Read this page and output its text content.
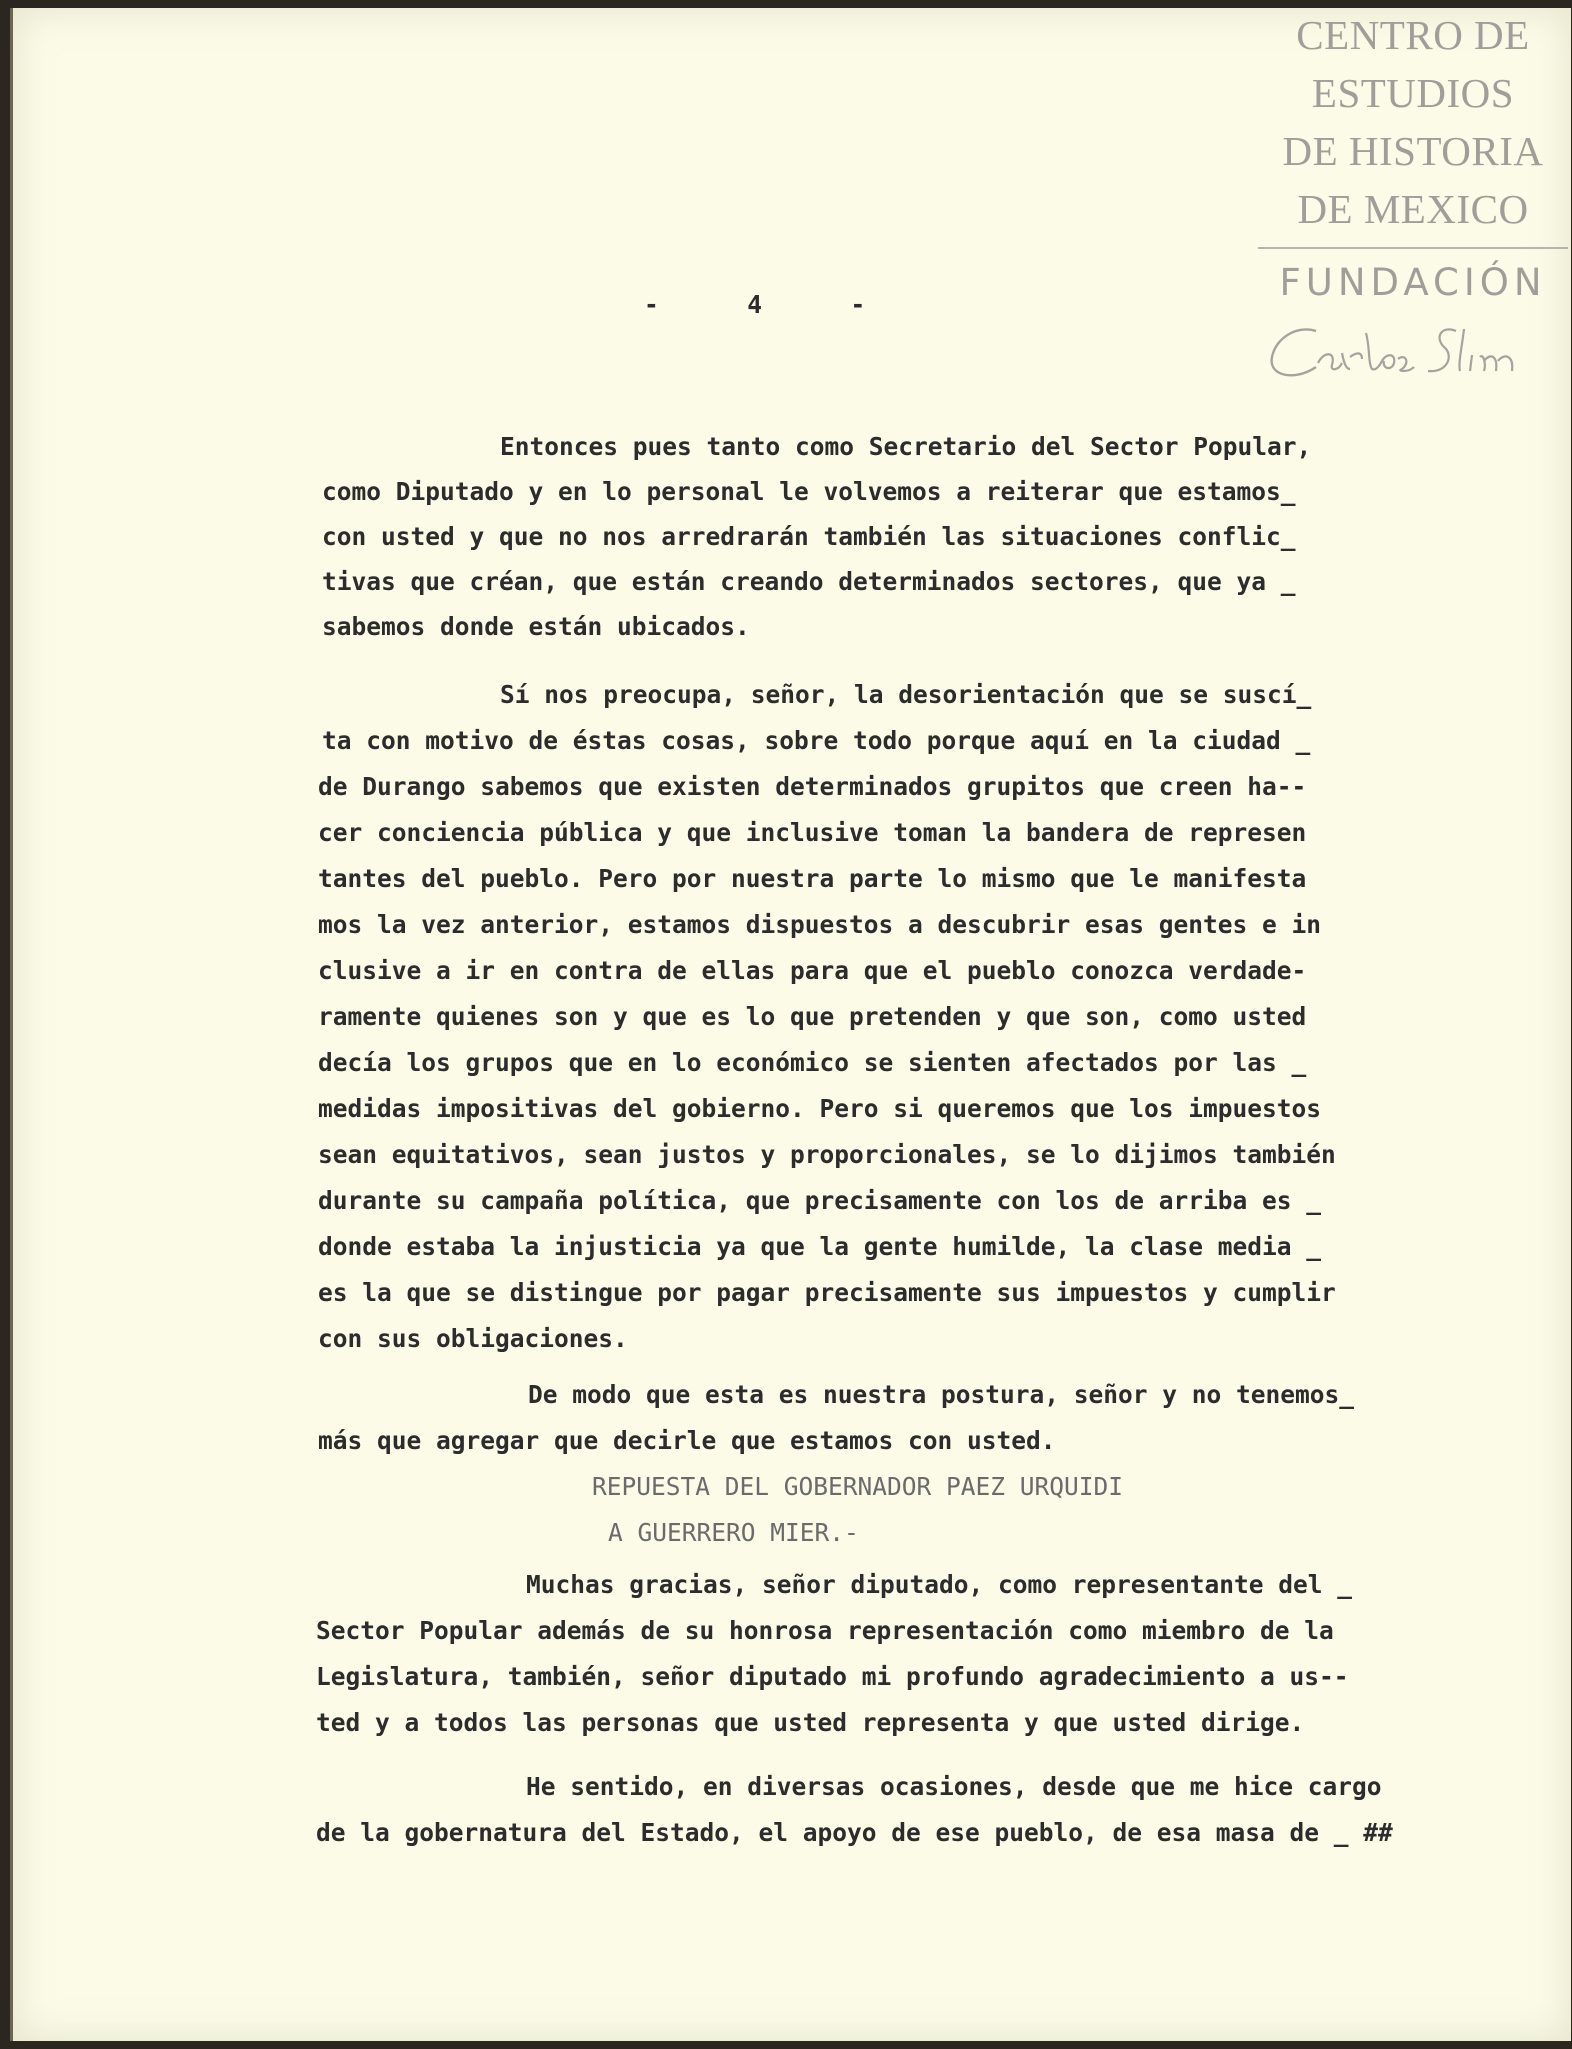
CENTRO DE
ESTUDIOS
DE HISTORIA
DE MEXICO
FUNDACIÓN
-      4      -
Entonces pues tanto como Secretario del Sector Popular,
como Diputado y en lo personal le volvemos a reiterar que estamos_
con usted y que no nos arredrarán también las situaciones conflic_
tivas que créan, que están creando determinados sectores, que ya _
sabemos donde están ubicados.
Sí nos preocupa, señor, la desorientación que se suscí_
ta con motivo de éstas cosas, sobre todo porque aquí en la ciudad _
de Durango sabemos que existen determinados grupitos que creen ha--
cer conciencia pública y que inclusive toman la bandera de represen
tantes del pueblo. Pero por nuestra parte lo mismo que le manifesta
mos la vez anterior, estamos dispuestos a descubrir esas gentes e in
clusive a ir en contra de ellas para que el pueblo conozca verdade-
ramente quienes son y que es lo que pretenden y que son, como usted
decía los grupos que en lo económico se sienten afectados por las _
medidas impositivas del gobierno. Pero si queremos que los impuestos
sean equitativos, sean justos y proporcionales, se lo dijimos también
durante su campaña política, que precisamente con los de arriba es _
donde estaba la injusticia ya que la gente humilde, la clase media _
es la que se distingue por pagar precisamente sus impuestos y cumplir
con sus obligaciones.
De modo que esta es nuestra postura, señor y no tenemos_
más que agregar que decirle que estamos con usted.
REPUESTA DEL GOBERNADOR PAEZ URQUIDI
A GUERRERO MIER.-
Muchas gracias, señor diputado, como representante del _
Sector Popular además de su honrosa representación como miembro de la
Legislatura, también, señor diputado mi profundo agradecimiento a us--
ted y a todos las personas que usted representa y que usted dirige.
He sentido, en diversas ocasiones, desde que me hice cargo
de la gobernatura del Estado, el apoyo de ese pueblo, de esa masa de _ ##
